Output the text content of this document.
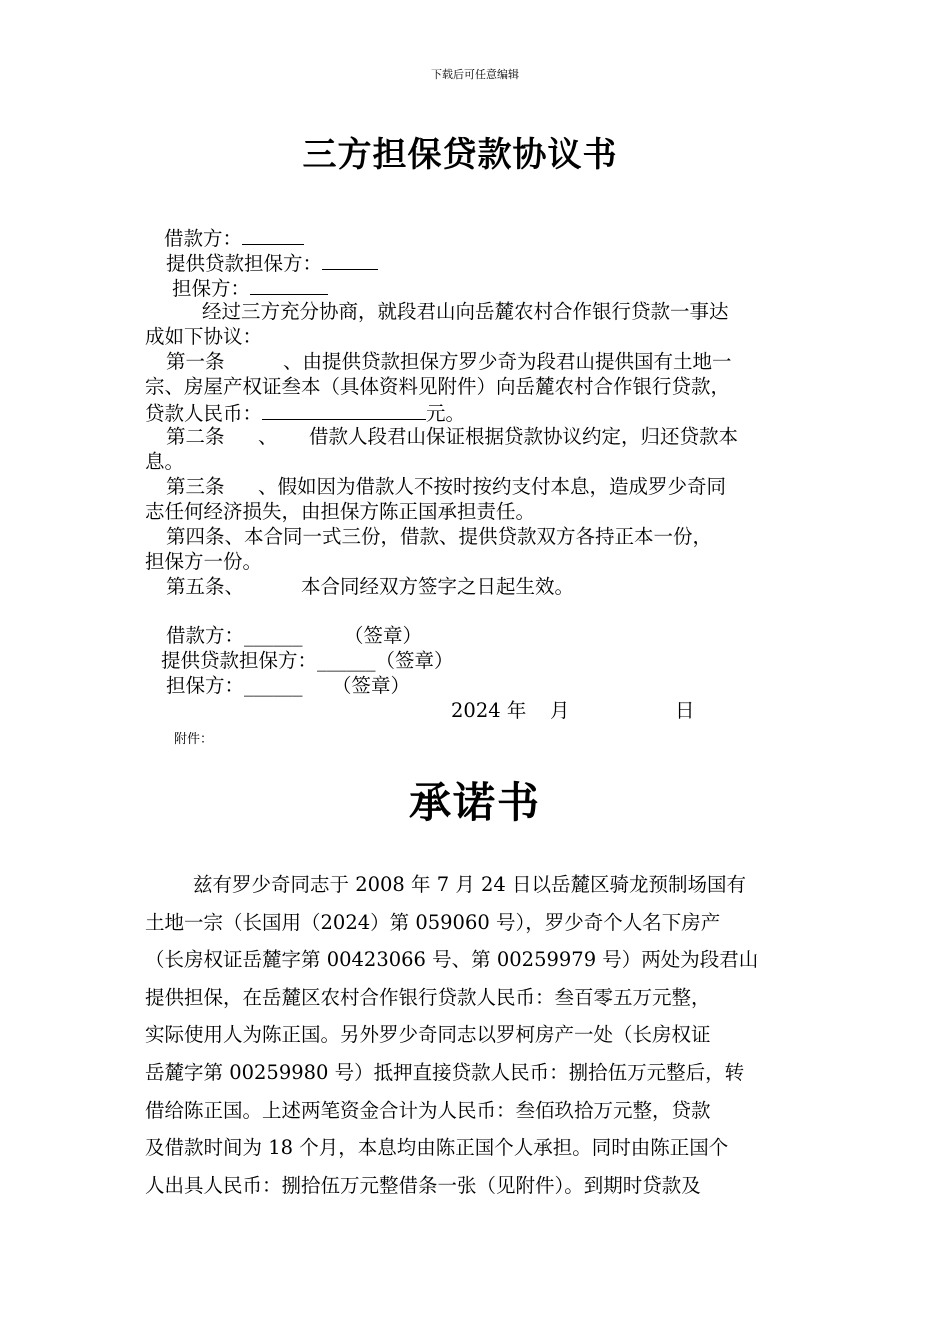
下载后可任意编辑
三方担保贷款协议书
借款方：
提供贷款担保方：
担保方：
经过三方充分协商，就段君山向岳麓农村合作银行贷款一事达
成如下协议：
第一条	、由提供贷款担保方罗少奇为段君山提供国有土地一
宗、房屋产权证叁本（具体资料见附件）向岳麓农村合作银行贷款，
贷款人民币：	元。
第二条 、 借款人段君山保证根据贷款协议约定，归还贷款本
息。
第三条 、假如因为借款人不按时按约支付本息，造成罗少奇同
志任何经济损失，由担保方陈正国承担责任。
第四条、本合同一式三份，借款、提供贷款双方各持正本一份，
担保方一份。
第五条、	本合同经双方签字之日起生效。
借款方：______ （签章）
提供贷款担保方：______（签章）
担保方：______ （签章）
2024 年 月	日
附件：
承诺书
兹有罗少奇同志于 2008 年 7 月 24 日以岳麓区骑龙预制场国有
土地一宗（长国用（2024）第 059060 号），罗少奇个人名下房产
（长房权证岳麓字第 00423066 号、第 00259979 号）两处为段君山
提供担保，在岳麓区农村合作银行贷款人民币：叁百零五万元整，
实际使用人为陈正国。另外罗少奇同志以罗柯房产一处（长房权证
岳麓字第 00259980 号）抵押直接贷款人民币：捌拾伍万元整后，转
借给陈正国。上述两笔资金合计为人民币：叁佰玖拾万元整，贷款
及借款时间为 18 个月，本息均由陈正国个人承担。同时由陈正国个
人出具人民币：捌拾伍万元整借条一张（见附件）。到期时贷款及
